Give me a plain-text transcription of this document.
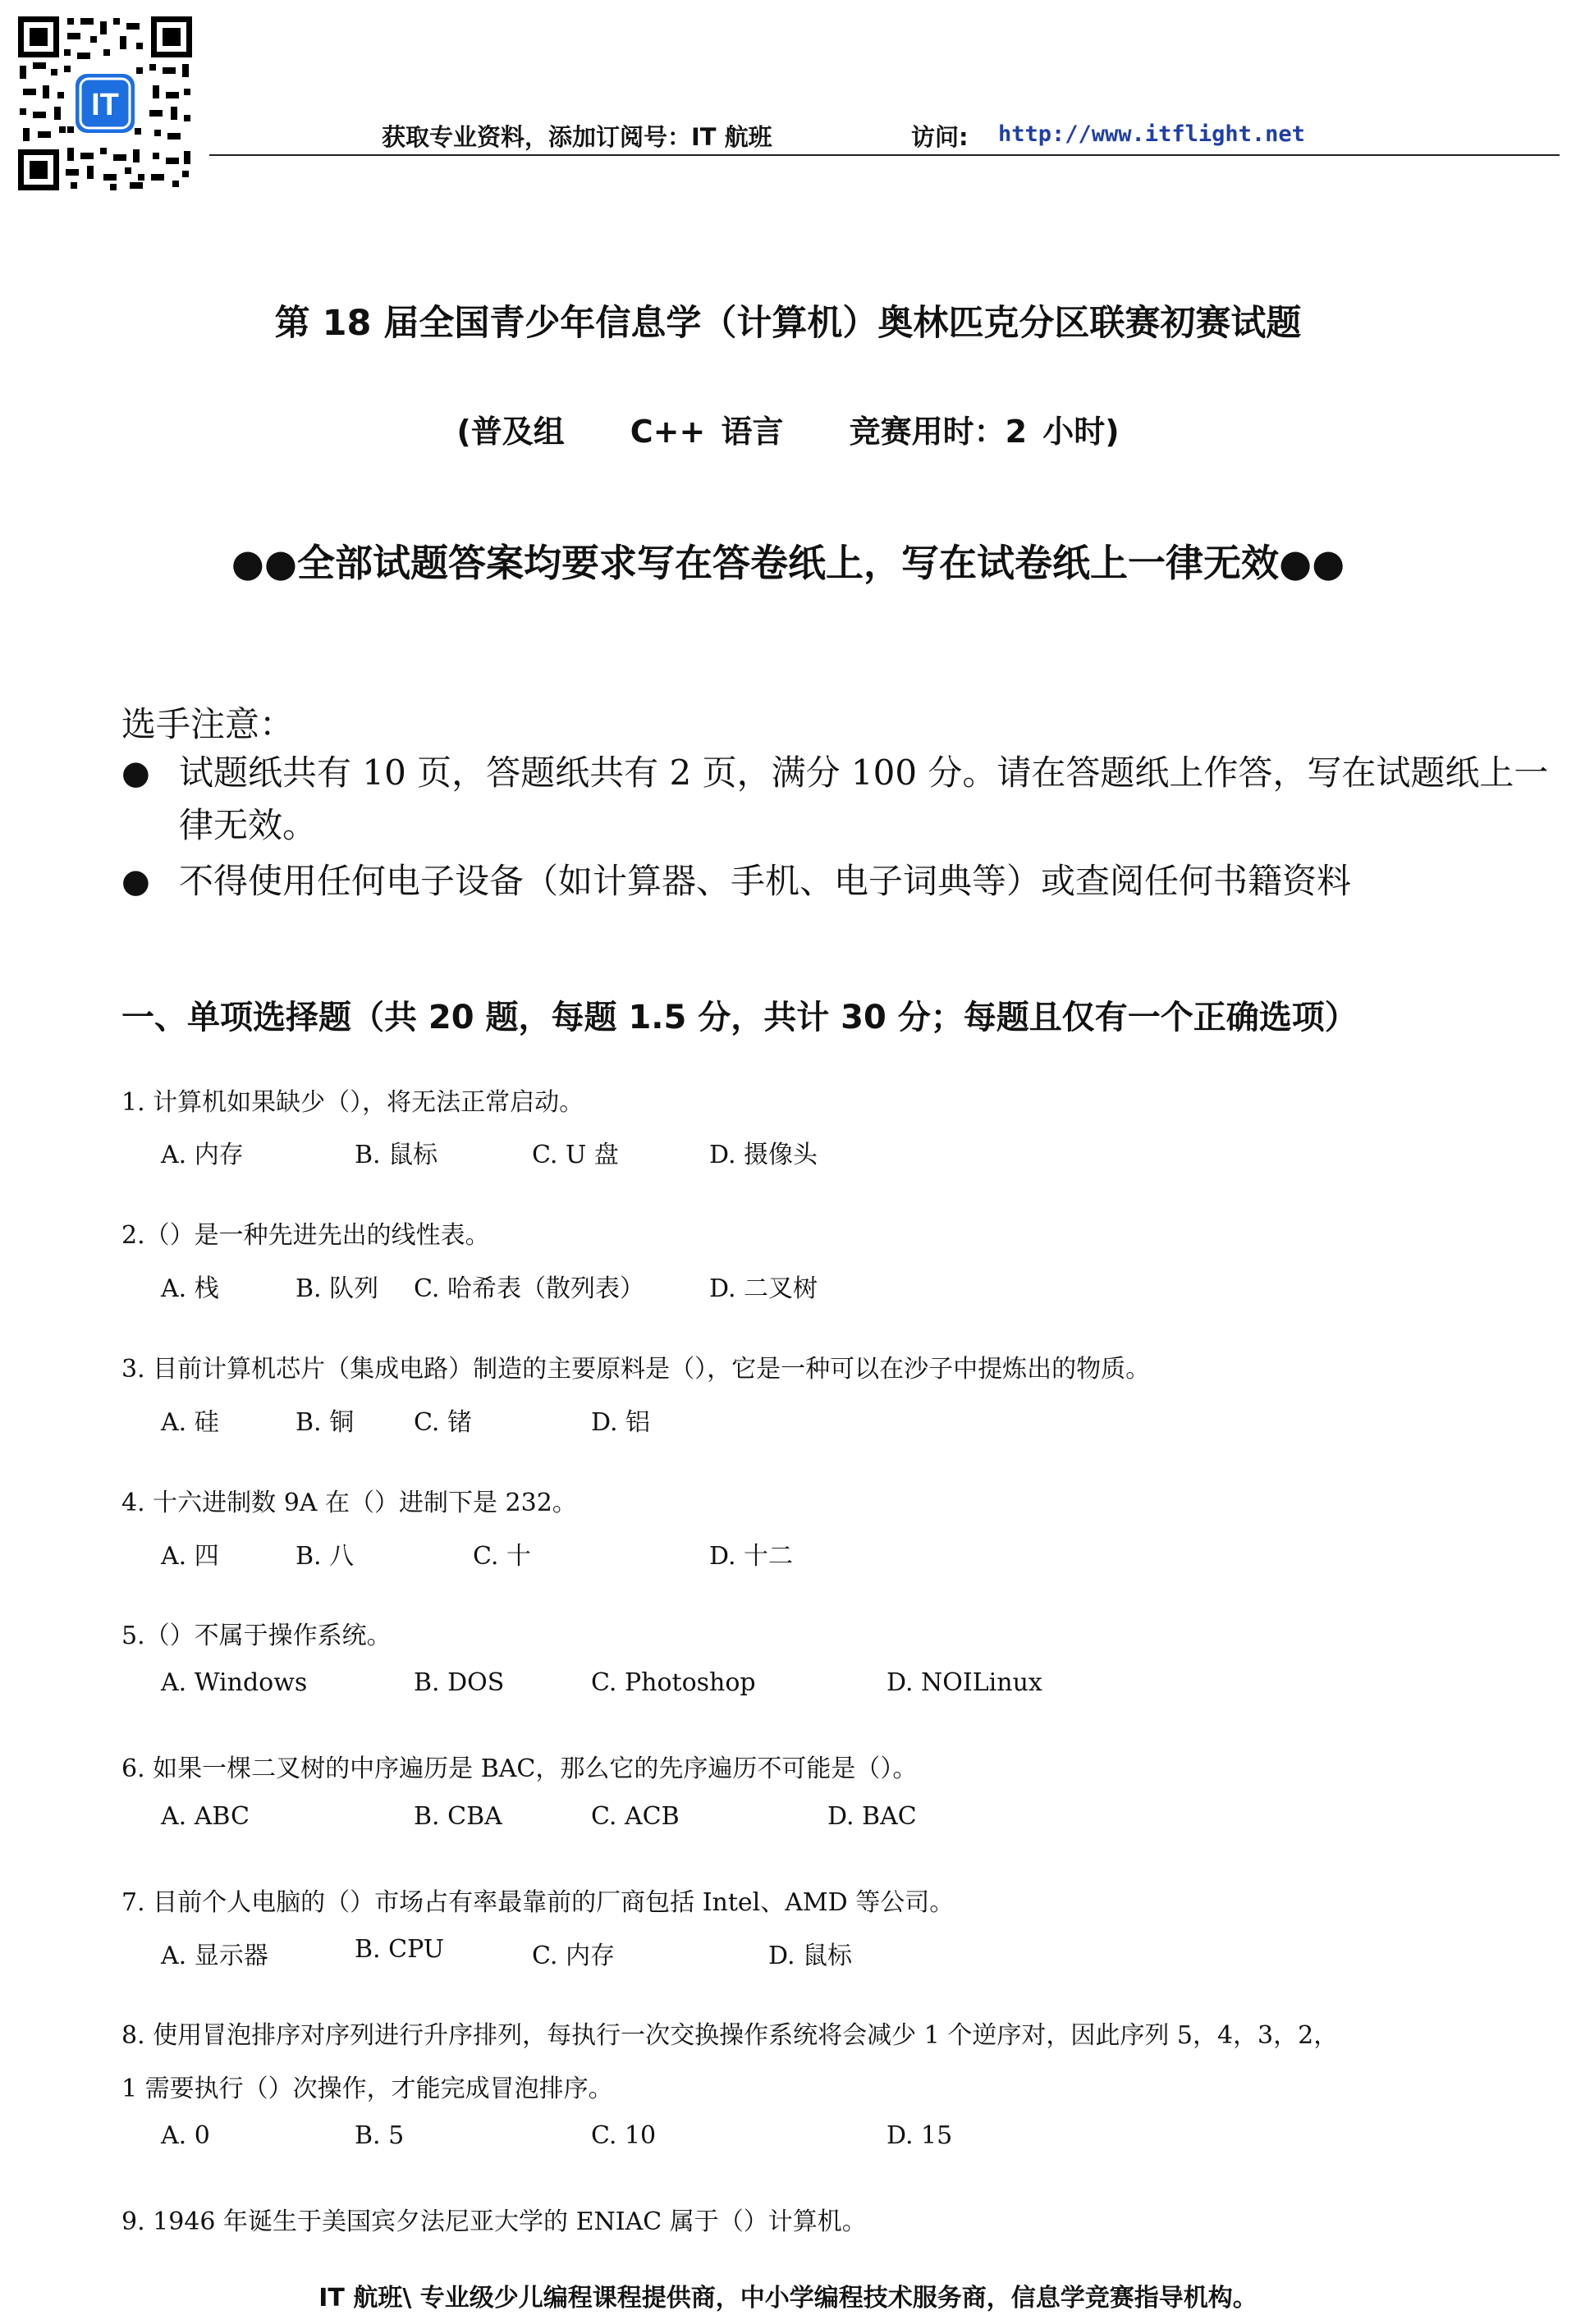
IT
获取专业资料，添加订阅号：IT 航班	访问: http://www.itflight.net
第 18 届全国青少年信息学（计算机）奥林匹克分区联赛初赛试题
(普及组 C++ 语言 竞赛用时：2 小时)
●●全部试题答案均要求写在答卷纸上，写在试卷纸上一律无效●●
选手注意：
● 试题纸共有 10 页，答题纸共有 2 页，满分 100 分。请在答题纸上作答，写在试题纸上一律无效。
● 不得使用任何电子设备（如计算器、手机、电子词典等）或查阅任何书籍资料
一、单项选择题（共 20 题，每题 1.5 分，共计 30 分；每题且仅有一个正确选项）
1. 计算机如果缺少（），将无法正常启动。
A. 内存	B. 鼠标	C. U 盘	D. 摄像头
2.（）是一种先进先出的线性表。
A. 栈	B. 队列 C. 哈希表（散列表）	D. 二叉树
3. 目前计算机芯片（集成电路）制造的主要原料是（），它是一种可以在沙子中提炼出的物质。
A. 硅	B. 铜 C. 锗	D. 铝
4. 十六进制数 9A 在（）进制下是 232。
A. 四	B. 八	C. 十	D. 十二
5.（）不属于操作系统。
A. Windows	B. DOS	C. Photoshop	D. NOILinux
6. 如果一棵二叉树的中序遍历是 BAC，那么它的先序遍历不可能是（）。
A. ABC	B. CBA	C. ACB	D. BAC
7. 目前个人电脑的（）市场占有率最靠前的厂商包括 Intel、AMD 等公司。
A. 显示器	B. CPU	C. 内存	D. 鼠标
8. 使用冒泡排序对序列进行升序排列，每执行一次交换操作系统将会减少 1 个逆序对，因此序列 5，4，3，2，
1 需要执行（）次操作，才能完成冒泡排序。
A. 0	B. 5	C. 10	D. 15
9. 1946 年诞生于美国宾夕法尼亚大学的 ENIAC 属于（）计算机。
IT 航班\ 专业级少儿编程课程提供商，中小学编程技术服务商，信息学竞赛指导机构。
